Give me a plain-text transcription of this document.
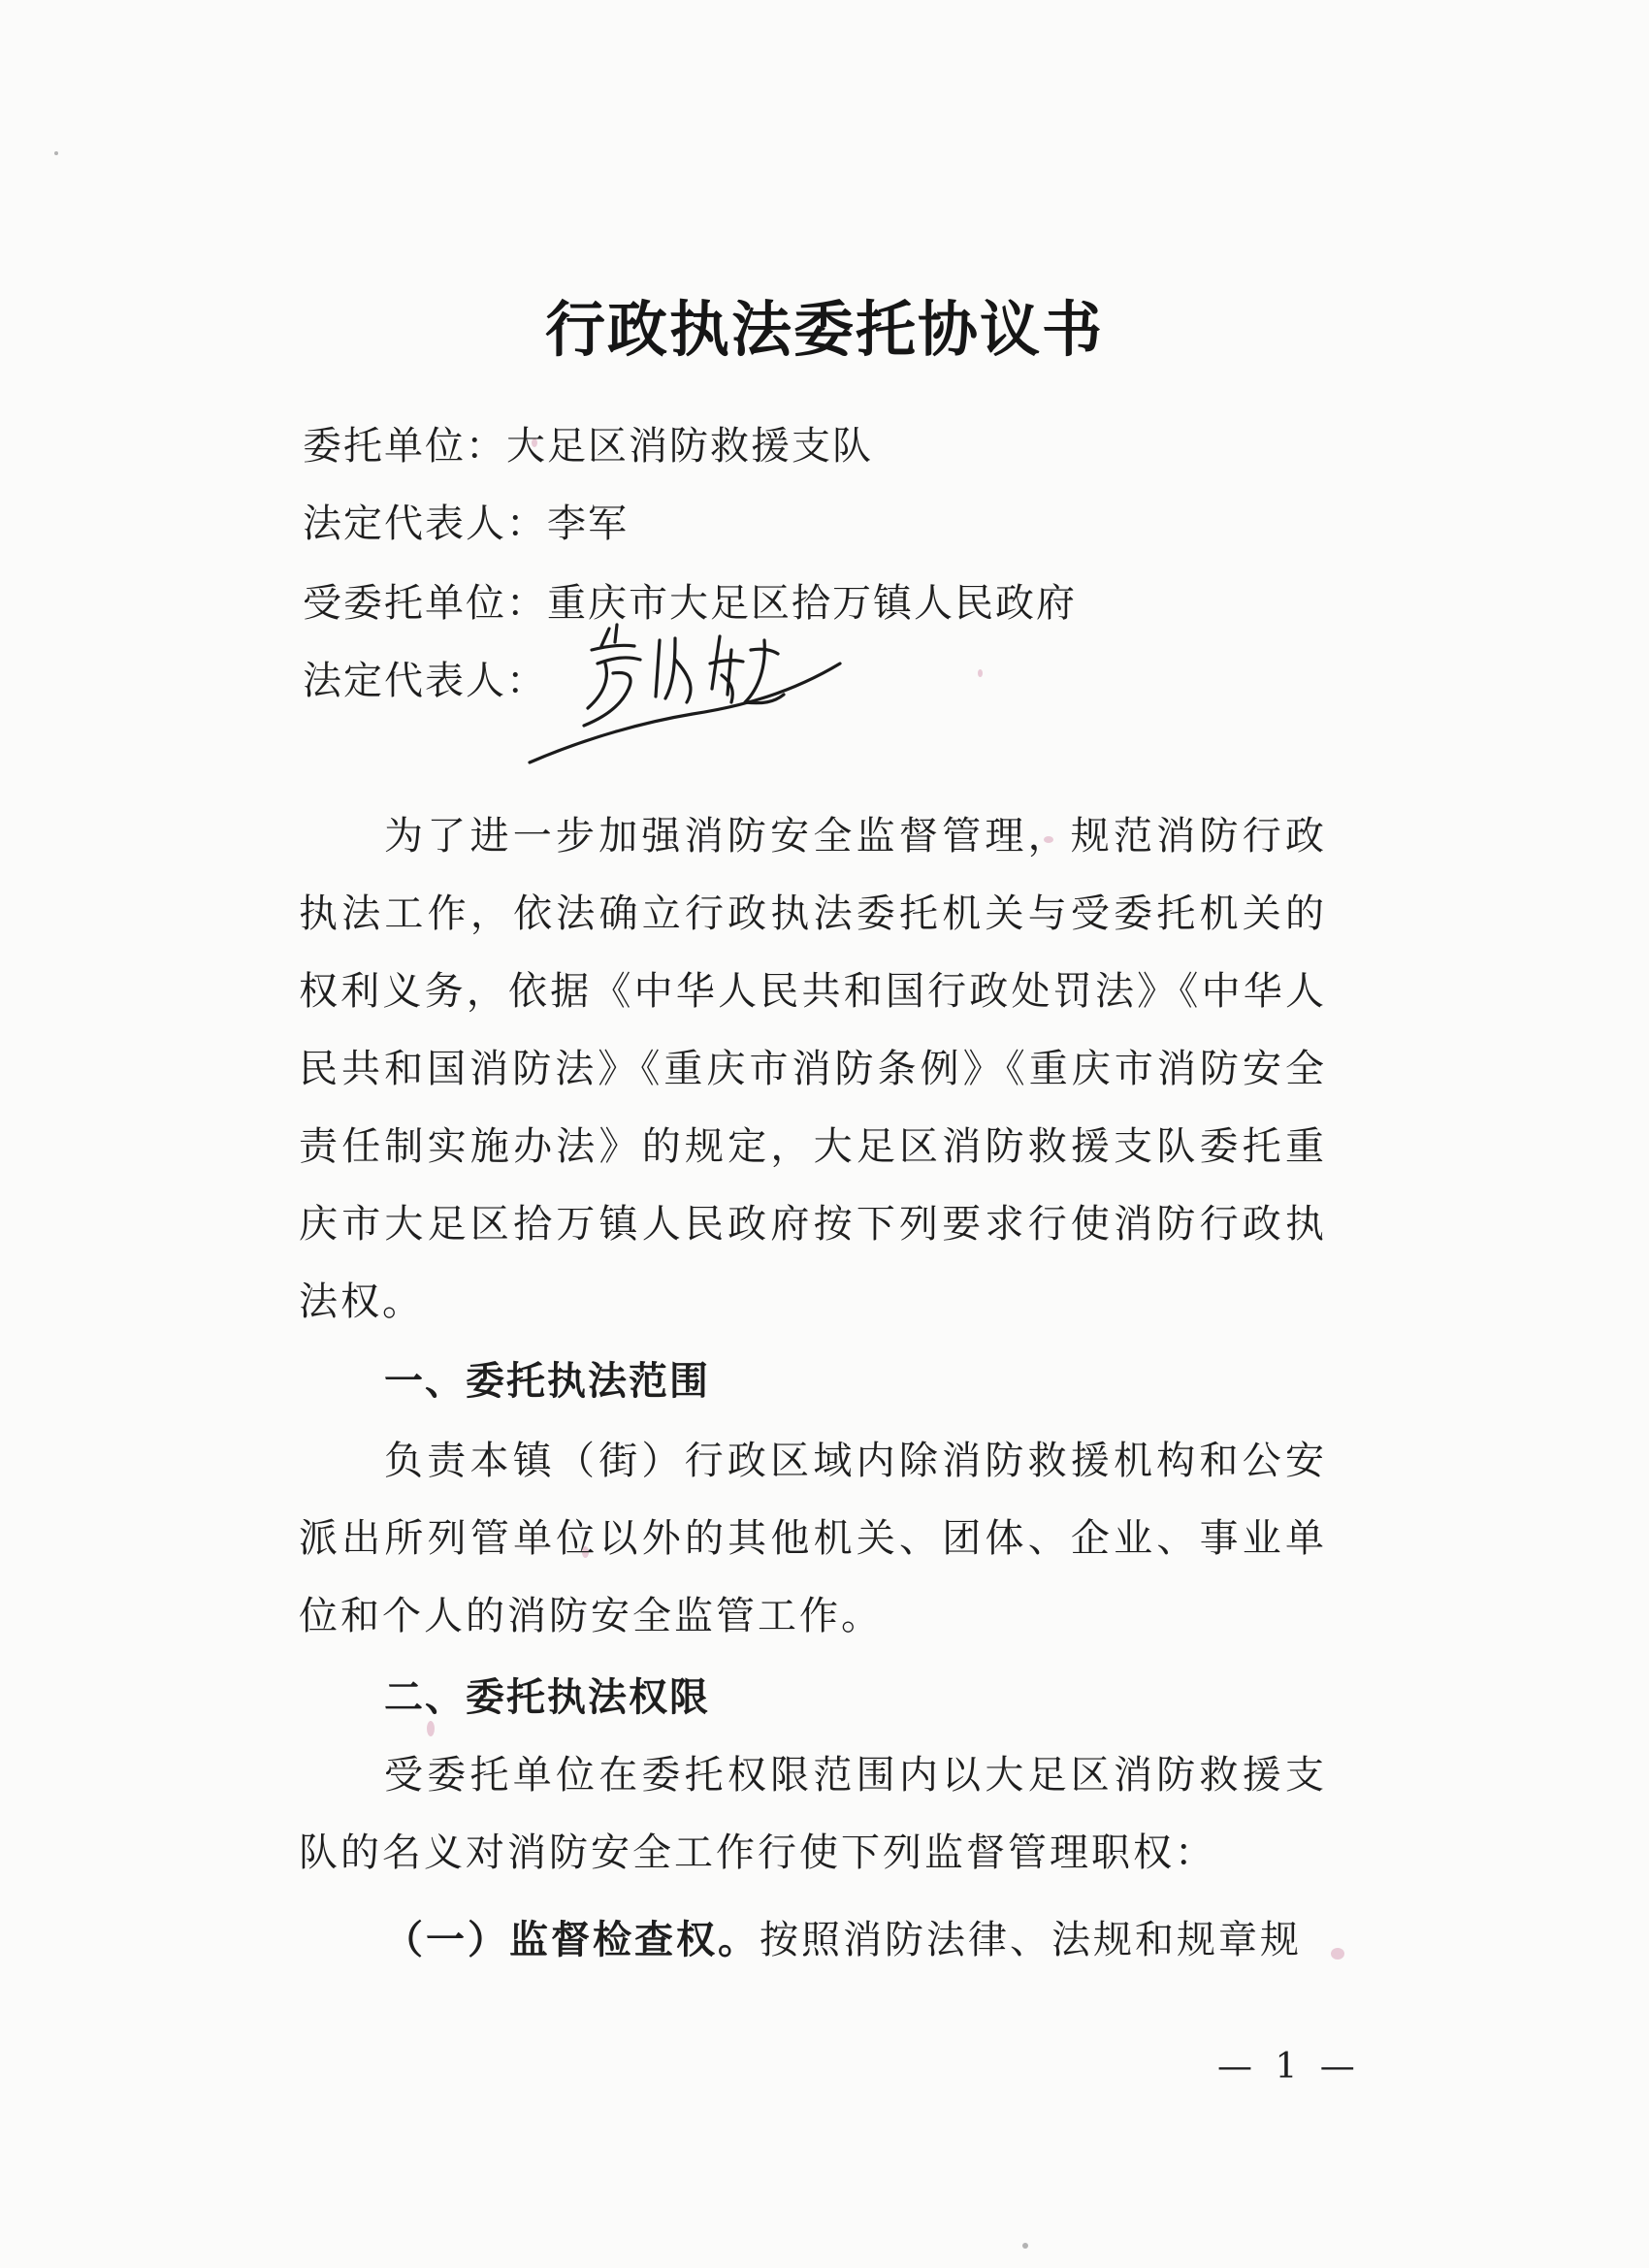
行政执法委托协议书
委托单位：大足区消防救援支队
法定代表人：李军
受委托单位：重庆市大足区拾万镇人民政府
法定代表人：
为了进一步加强消防安全监督管理，规范消防行政执法工作，依法确立行政执法委托机关与受委托机关的权利义务，依据《中华人民共和国行政处罚法》《中华人民共和国消防法》《重庆市消防条例》《重庆市消防安全责任制实施办法》的规定，大足区消防救援支队委托重庆市大足区拾万镇人民政府按下列要求行使消防行政执法权。
一、委托执法范围
负责本镇（街）行政区域内除消防救援机构和公安派出所列管单位以外的其他机关、团体、企业、事业单位和个人的消防安全监管工作。
二、委托执法权限
受委托单位在委托权限范围内以大足区消防救援支队的名义对消防安全工作行使下列监督管理职权：
（一）监督检查权。按照消防法律、法规和规章规
— 1 —
